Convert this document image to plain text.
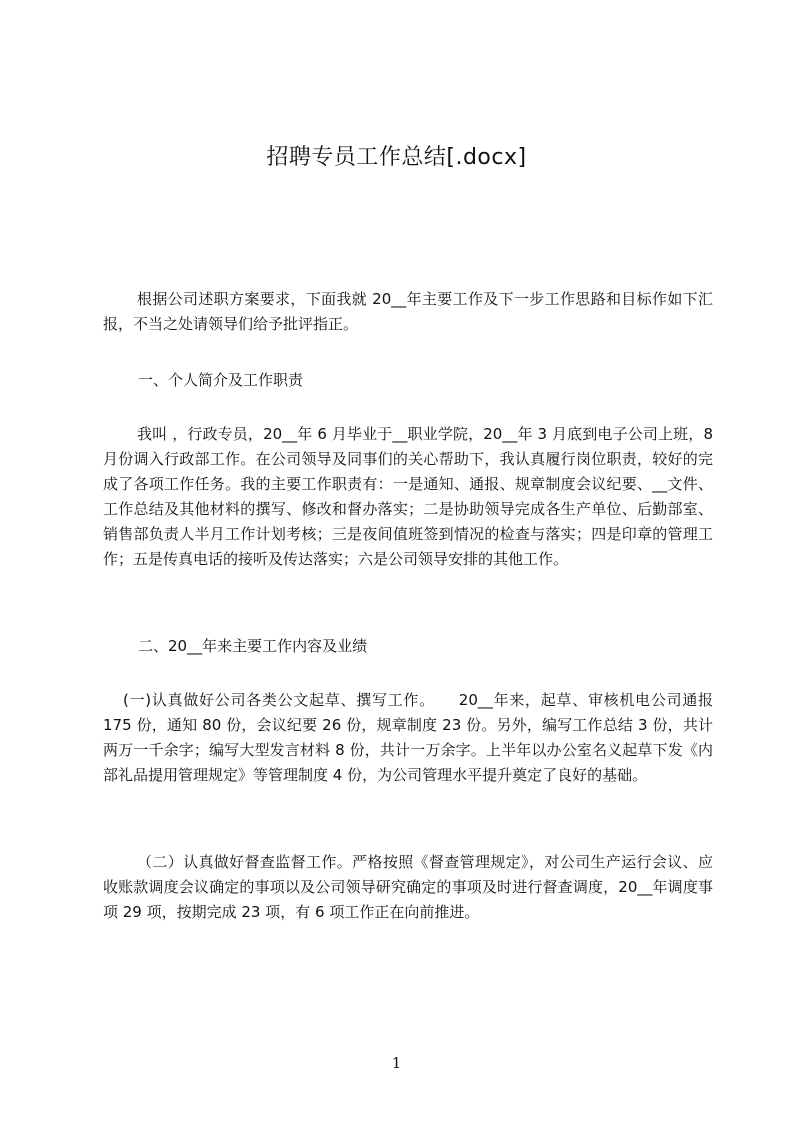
招聘专员工作总结[.docx]

根据公司述职方案要求，下面我就 20__年主要工作及下一步工作思路和目标作如下汇报，不当之处请领导们给予批评指正。

一、个人简介及工作职责

我叫 ，行政专员，20__年 6 月毕业于__职业学院，20__年 3 月底到电子公司上班，8 月份调入行政部工作。在公司领导及同事们的关心帮助下，我认真履行岗位职责，较好的完成了各项工作任务。我的主要工作职责有：一是通知、通报、规章制度会议纪要、__文件、工作总结及其他材料的撰写、修改和督办落实；二是协助领导完成各生产单位、后勤部室、销售部负责人半月工作计划考核；三是夜间值班签到情况的检查与落实；四是印章的管理工作；五是传真电话的接听及传达落实；六是公司领导安排的其他工作。

二、20__年来主要工作内容及业绩

(一)认真做好公司各类公文起草、撰写工作。　　20__年来，起草、审核机电公司通报 175 份，通知 80 份，会议纪要 26 份，规章制度 23 份。另外，编写工作总结 3 份，共计两万一千余字；编写大型发言材料 8 份，共计一万余字。上半年以办公室名义起草下发《内部礼品提用管理规定》等管理制度 4 份，为公司管理水平提升奠定了良好的基础。

（二）认真做好督查监督工作。严格按照《督查管理规定》，对公司生产运行会议、应收账款调度会议确定的事项以及公司领导研究确定的事项及时进行督查调度，20__年调度事项 29 项，按期完成 23 项，有 6 项工作正在向前推进。

1
